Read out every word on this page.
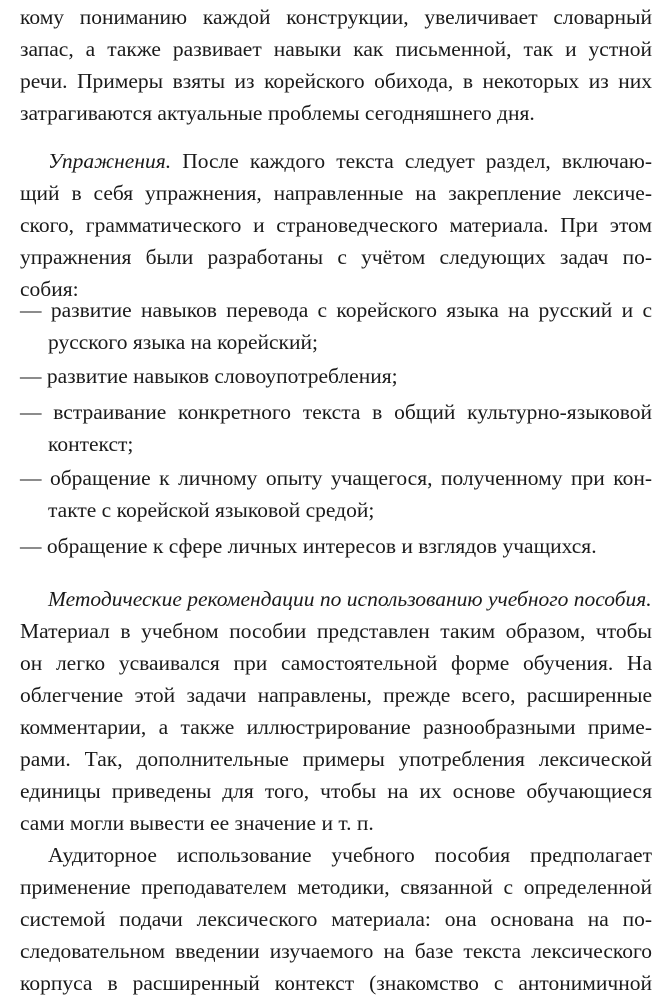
кому пониманию каждой конструкции, увеличивает словарный
запас, а также развивает навыки как письменной, так и устной
речи. Примеры взяты из корейского обихода, в некоторых из них
затрагиваются актуальные проблемы сегодняшнего дня.
Упражнения. После каждого текста следует раздел, включаю-
щий в себя упражнения, направленные на закрепление лексиче-
ского, грамматического и страноведческого материала. При этом
упражнения были разработаны с учётом следующих задач по-
собия:
— развитие навыков перевода с корейского языка на русский и с
русского языка на корейский;
— развитие навыков словоупотребления;
— встраивание конкретного текста в общий культурно-языковой
контекст;
— обращение к личному опыту учащегося, полученному при кон-
такте с корейской языковой средой;
— обращение к сфере личных интересов и взглядов учащихся.
Методические рекомендации по использованию учебного пособия.
Материал в учебном пособии представлен таким образом, чтобы
он легко усваивался при самостоятельной форме обучения. На
облегчение этой задачи направлены, прежде всего, расширенные
комментарии, а также иллюстрирование разнообразными приме-
рами. Так, дополнительные примеры употребления лексической
единицы приведены для того, чтобы на их основе обучающиеся
сами могли вывести ее значение и т. п.
Аудиторное использование учебного пособия предполагает
применение преподавателем методики, связанной с определенной
системой подачи лексического материала: она основана на по-
следовательном введении изучаемого на базе текста лексического
корпуса в расширенный контекст (знакомство с антонимичной
